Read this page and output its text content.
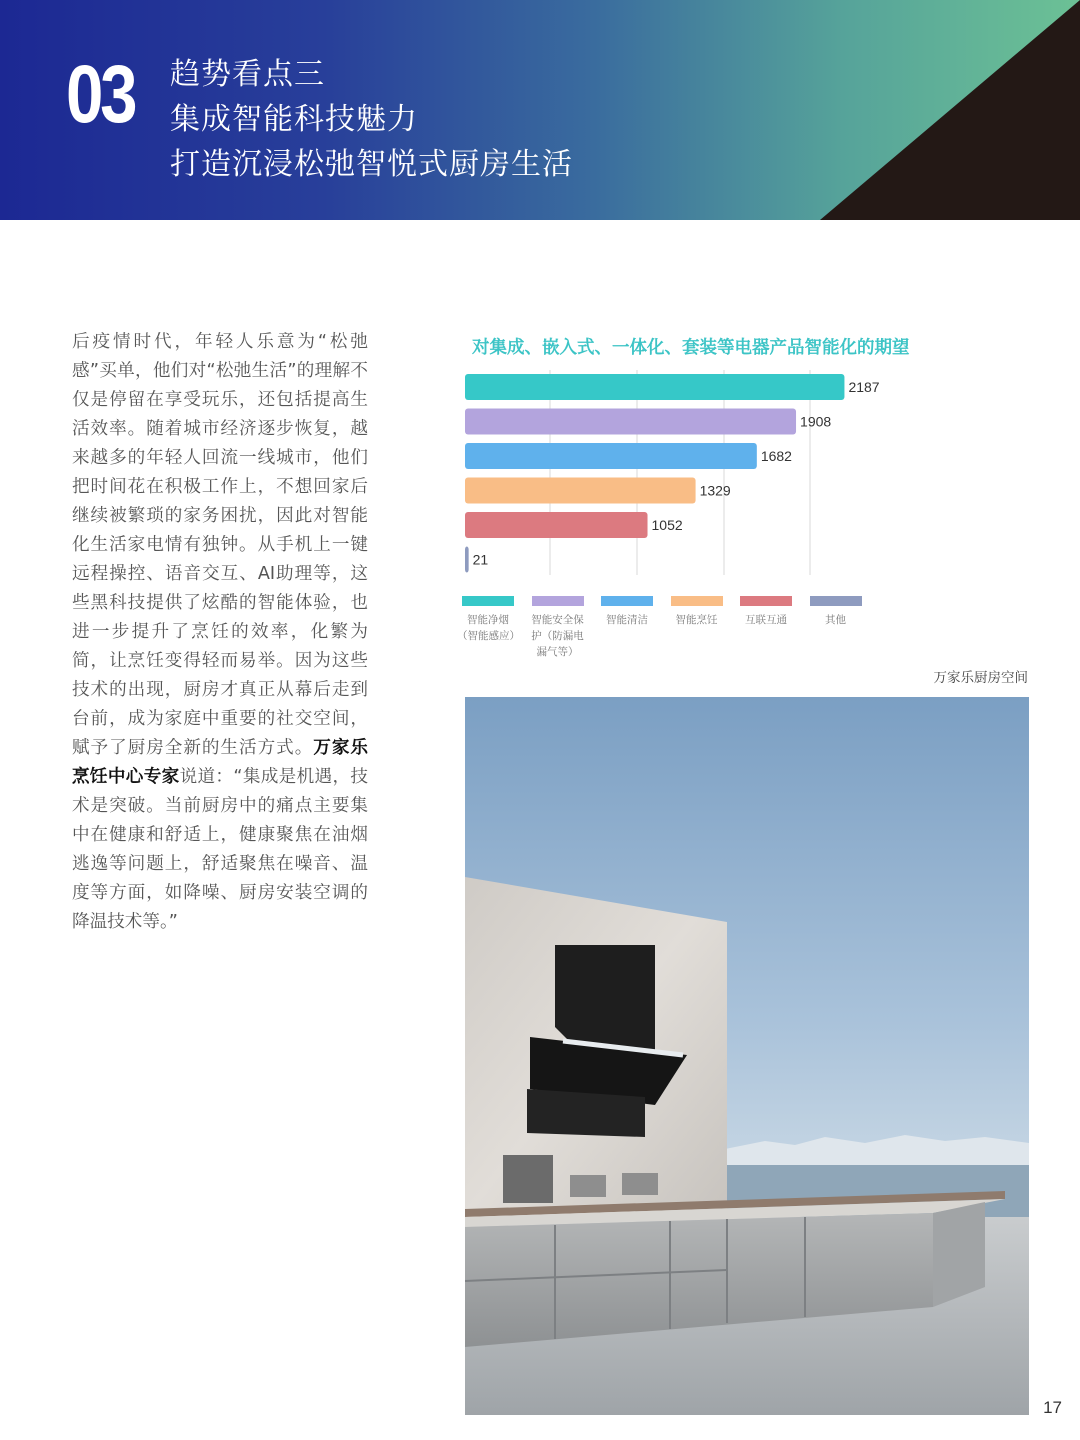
03 趋势看点三
集成智能科技魅力
打造沉浸松弛智悦式厨房生活
后疫情时代，年轻人乐意为“松弛感”买单，他们对“松弛生活”的理解不仅是停留在享受玩乐，还包括提高生活效率。随着城市经济逐步恢复，越来越多的年轻人回流一线城市，他们把时间花在积极工作上，不想回家后继续被繁琐的家务困扰，因此对智能化生活家电情有独钟。从手机上一键远程操控、语音交互、AI助理等，这些黑科技提供了炫酷的智能体验，也进一步提升了烹饪的效率，化繁为简，让烹饪变得轻而易举。因为这些技术的出现，厨房才真正从幕后走到台前，成为家庭中重要的社交空间，赋予了厨房全新的生活方式。万家乐烹饪中心专家说道：“集成是机遇，技术是突破。当前厨房中的痛点主要集中在健康和舒适上，健康聚焦在油烟逃逸等问题上，舒适聚焦在噪音、温度等方面，如降噪、厨房安装空调的降温技术等。”
对集成、嵌入式、一体化、套装等电器产品智能化的期望
2187
1908
1682
1329
1052
21
智能净烟
（智能感应）
智能安全保
护（防漏电
漏气等）
智能清洁	智能烹饪	互联互通	其他
万家乐厨房空间
17
